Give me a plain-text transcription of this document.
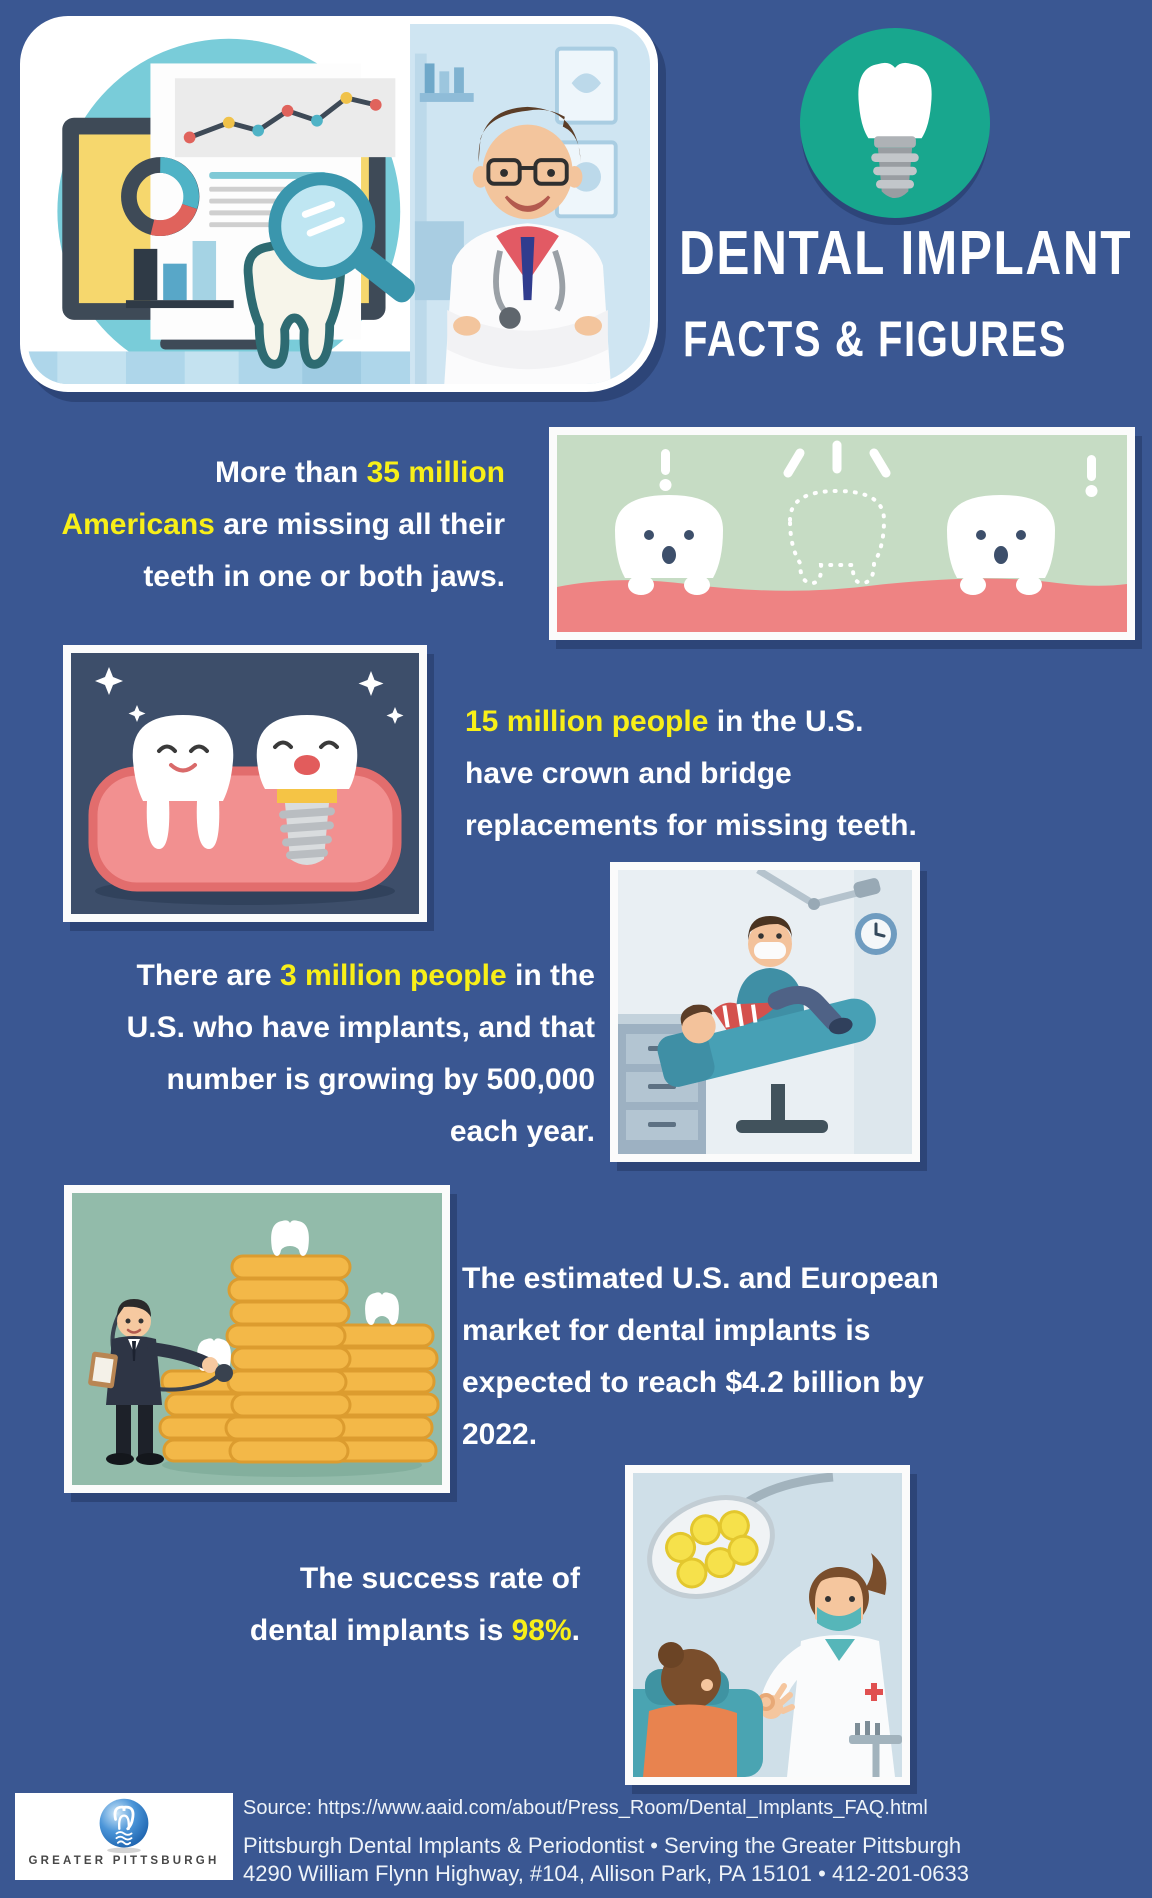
DENTAL IMPLANT
FACTS & FIGURES
More than 35 million
Americans are missing all their
teeth in one or both jaws.
15 million people in the U.S.
have crown and bridge
replacements for missing teeth.
There are 3 million people in the
U.S. who have implants, and that
number is growing by 500,000
each year.
The estimated U.S. and European
market for dental implants is
expected to reach $4.2 billion by
2022.
The success rate of
dental implants is 98%.
GREATER PITTSBURGH
Source: https://www.aaid.com/about/Press_Room/Dental_Implants_FAQ.html
Pittsburgh Dental Implants & Periodontist • Serving the Greater Pittsburgh
4290 William Flynn Highway, #104, Allison Park, PA 15101 • 412-201-0633
